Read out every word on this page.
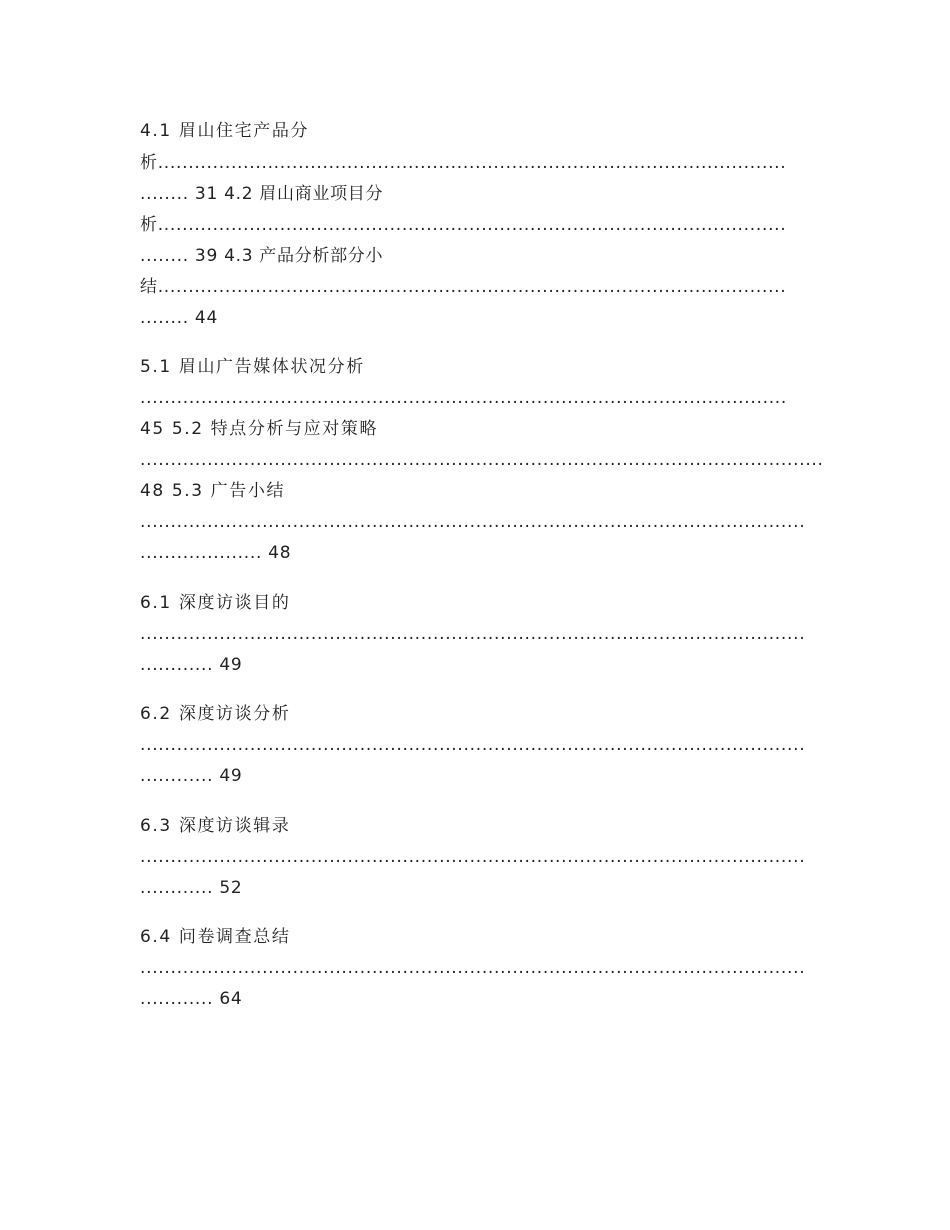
4.1 眉山住宅产品分

析.......................................................................................................

........ 31 4.2 眉山商业项目分

析.......................................................................................................

........ 39 4.3 产品分析部分小

结.......................................................................................................

........ 44

5.1 眉山广告媒体状况分析

..........................................................................................................

45 5.2 特点分析与应对策略

................................................................................................................

48 5.3 广告小结

.............................................................................................................

.................... 48

6.1 深度访谈目的

.............................................................................................................

............ 49

6.2 深度访谈分析

.............................................................................................................

............ 49

6.3 深度访谈辑录

.............................................................................................................

............ 52

6.4 问卷调查总结

.............................................................................................................

............ 64
